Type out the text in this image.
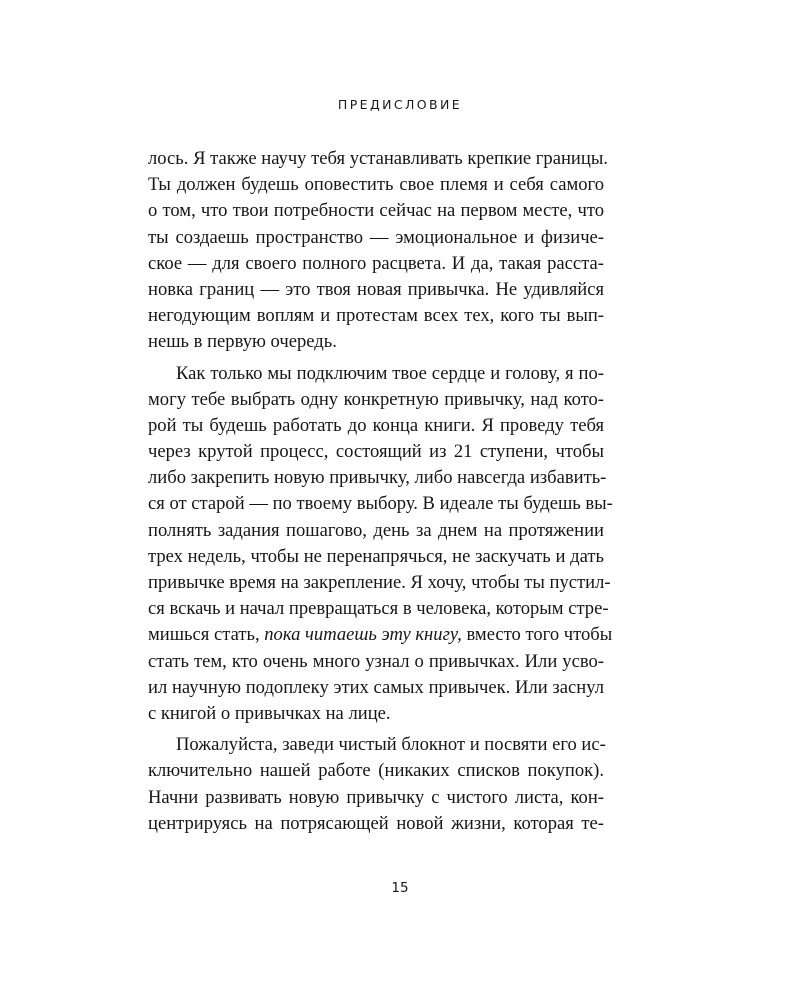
ПРЕДИСЛОВИЕ
лось. Я также научу тебя устанавливать крепкие границы.
Ты должен будешь оповестить свое племя и себя самого
о том, что твои потребности сейчас на первом месте, что
ты создаешь пространство — эмоциональное и физиче-
ское — для своего полного расцвета. И да, такая расста-
новка границ — это твоя новая привычка. Не удивляйся
негодующим воплям и протестам всех тех, кого ты вып-
нешь в первую очередь.
Как только мы подключим твое сердце и голову, я по-
могу тебе выбрать одну конкретную привычку, над кото-
рой ты будешь работать до конца книги. Я проведу тебя
через крутой процесс, состоящий из 21 ступени, чтобы
либо закрепить новую привычку, либо навсегда избавить-
ся от старой — по твоему выбору. В идеале ты будешь вы-
полнять задания пошагово, день за днем на протяжении
трех недель, чтобы не перенапрячься, не заскучать и дать
привычке время на закрепление. Я хочу, чтобы ты пустил-
ся вскачь и начал превращаться в человека, которым стре-
мишься стать, пока читаешь эту книгу, вместо того чтобы
стать тем, кто очень много узнал о привычках. Или усво-
ил научную подоплеку этих самых привычек. Или заснул
с книгой о привычках на лице.
Пожалуйста, заведи чистый блокнот и посвяти его ис-
ключительно нашей работе (никаких списков покупок).
Начни развивать новую привычку с чистого листа, кон-
центрируясь на потрясающей новой жизни, которая те-
15
